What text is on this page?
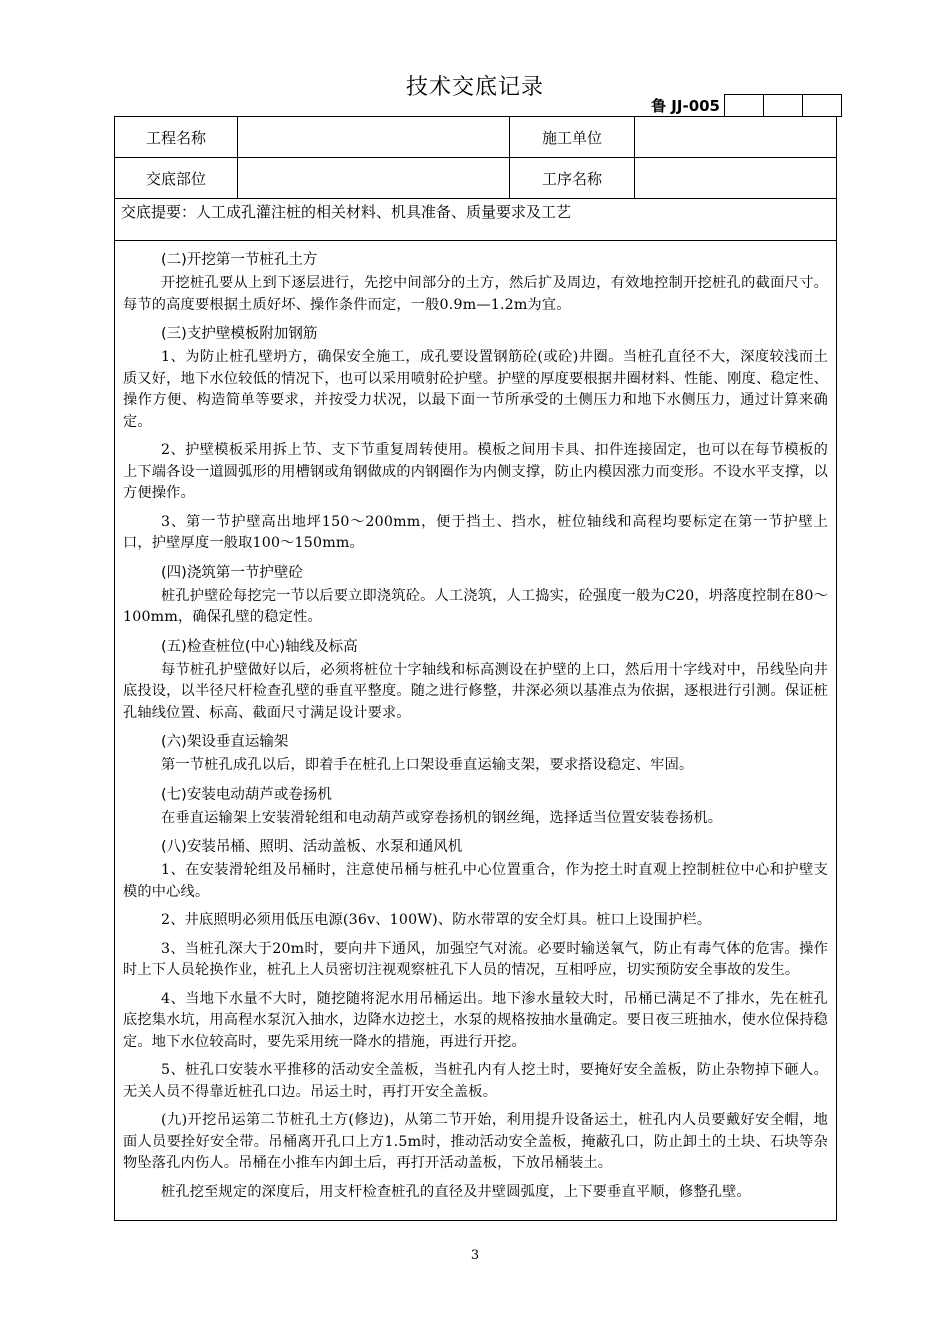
技术交底记录
鲁 JJ-005
工程名称	施工单位
交底部位	工序名称
交底提要：人工成孔灌注桩的相关材料、机具准备、质量要求及工艺
(二)开挖第一节桩孔土方
开挖桩孔要从上到下逐层进行，先挖中间部分的土方，然后扩及周边，有效地控制开挖桩孔的截面尺寸。每节的高度要根据土质好坏、操作条件而定，一般0.9m—1.2m为宜。
(三)支护壁模板附加钢筋
1、为防止桩孔壁坍方，确保安全施工，成孔要设置钢筋砼(或砼)井圈。当桩孔直径不大，深度较浅而土质又好，地下水位较低的情况下，也可以采用喷射砼护壁。护壁的厚度要根据井圈材料、性能、刚度、稳定性、操作方便、构造简单等要求，并按受力状况，以最下面一节所承受的土侧压力和地下水侧压力，通过计算来确定。
2、护壁模板采用拆上节、支下节重复周转使用。模板之间用卡具、扣件连接固定，也可以在每节模板的上下端各设一道圆弧形的用槽钢或角钢做成的内钢圈作为内侧支撑，防止内模因涨力而变形。不设水平支撑，以方便操作。
3、第一节护壁高出地坪150～200mm，便于挡土、挡水，桩位轴线和高程均要标定在第一节护壁上口，护壁厚度一般取100～150mm。
(四)浇筑第一节护壁砼
桩孔护壁砼每挖完一节以后要立即浇筑砼。人工浇筑，人工捣实，砼强度一般为C20，坍落度控制在80～100mm，确保孔壁的稳定性。
(五)检查桩位(中心)轴线及标高
每节桩孔护壁做好以后，必须将桩位十字轴线和标高测设在护壁的上口，然后用十字线对中，吊线坠向井底投设，以半径尺杆检查孔壁的垂直平整度。随之进行修整，井深必须以基准点为依据，逐根进行引测。保证桩孔轴线位置、标高、截面尺寸满足设计要求。
(六)架设垂直运输架
第一节桩孔成孔以后，即着手在桩孔上口架设垂直运输支架，要求搭设稳定、牢固。
(七)安装电动葫芦或卷扬机
在垂直运输架上安装滑轮组和电动葫芦或穿卷扬机的钢丝绳，选择适当位置安装卷扬机。
(八)安装吊桶、照明、活动盖板、水泵和通风机
1、在安装滑轮组及吊桶时，注意使吊桶与桩孔中心位置重合，作为挖土时直观上控制桩位中心和护壁支模的中心线。
2、井底照明必须用低压电源(36v、100W)、防水带罩的安全灯具。桩口上设围护栏。
3、当桩孔深大于20m时，要向井下通风，加强空气对流。必要时输送氧气，防止有毒气体的危害。操作时上下人员轮换作业，桩孔上人员密切注视观察桩孔下人员的情况，互相呼应，切实预防安全事故的发生。
4、当地下水量不大时，随挖随将泥水用吊桶运出。地下渗水量较大时，吊桶已满足不了排水，先在桩孔底挖集水坑，用高程水泵沉入抽水，边降水边挖土，水泵的规格按抽水量确定。要日夜三班抽水，使水位保持稳定。地下水位较高时，要先采用统一降水的措施，再进行开挖。
5、桩孔口安装水平推移的活动安全盖板，当桩孔内有人挖土时，要掩好安全盖板，防止杂物掉下砸人。无关人员不得靠近桩孔口边。吊运土时，再打开安全盖板。
(九)开挖吊运第二节桩孔土方(修边)，从第二节开始，利用提升设备运土，桩孔内人员要戴好安全帽，地面人员要拴好安全带。吊桶离开孔口上方1.5m时，推动活动安全盖板，掩蔽孔口，防止卸土的土块、石块等杂物坠落孔内伤人。吊桶在小推车内卸土后，再打开活动盖板，下放吊桶装土。
桩孔挖至规定的深度后，用支杆检查桩孔的直径及井壁圆弧度，上下要垂直平顺，修整孔壁。
3
